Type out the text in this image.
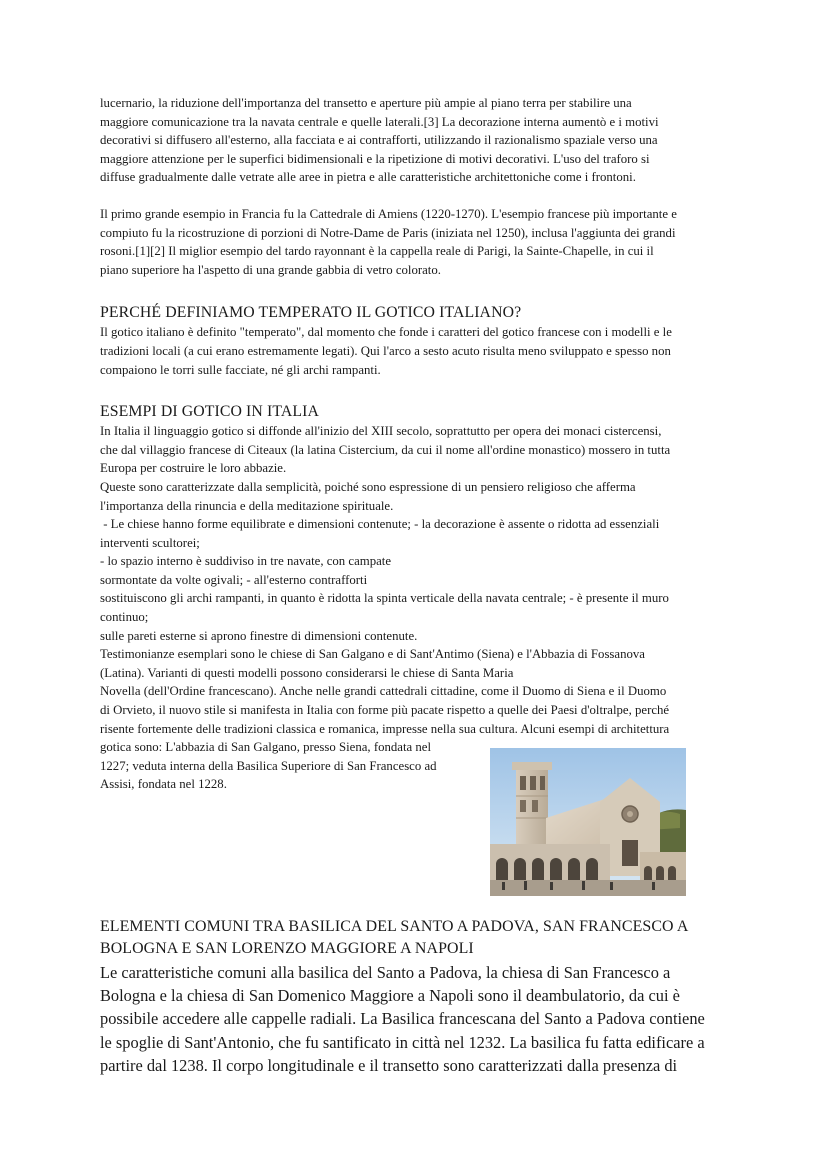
lucernario, la riduzione dell'importanza del transetto e aperture più ampie al piano terra per stabilire una

maggiore comunicazione tra la navata centrale e quelle laterali.[3] La decorazione interna aumentò e i motivi

decorativi si diffusero all'esterno, alla facciata e ai contrafforti, utilizzando il razionalismo spaziale verso una

maggiore attenzione per le superfici bidimensionali e la ripetizione di motivi decorativi. L'uso del traforo si

diffuse gradualmente dalle vetrate alle aree in pietra e alle caratteristiche architettoniche come i frontoni.

Il primo grande esempio in Francia fu la Cattedrale di Amiens (1220-1270). L'esempio francese più importante e

compiuto fu la ricostruzione di porzioni di Notre-Dame de Paris (iniziata nel 1250), inclusa l'aggiunta dei grandi

rosoni.[1][2] Il miglior esempio del tardo rayonnant è la cappella reale di Parigi, la Sainte-Chapelle, in cui il

piano superiore ha l'aspetto di una grande gabbia di vetro colorato.

PERCHÉ DEFINIAMO TEMPERATO IL GOTICO ITALIANO?

Il gotico italiano è definito "temperato", dal momento che fonde i caratteri del gotico francese con i modelli e le

tradizioni locali (a cui erano estremamente legati). Qui l'arco a sesto acuto risulta meno sviluppato e spesso non

compaiono le torri sulle facciate, né gli archi rampanti.

ESEMPI DI GOTICO IN ITALIA

In Italia il linguaggio gotico si diffonde all'inizio del XIII secolo, soprattutto per opera dei monaci cistercensi,

che dal villaggio francese di Citeaux (la latina Cistercium, da cui il nome all'ordine monastico) mossero in tutta

Europa per costruire le loro abbazie.

Queste sono caratterizzate dalla semplicità, poiché sono espressione di un pensiero religioso che afferma

l'importanza della rinuncia e della meditazione spirituale.

- Le chiese hanno forme equilibrate e dimensioni contenute; - la decorazione è assente o ridotta ad essenziali

interventi scultorei;

- lo spazio interno è suddiviso in tre navate, con campate

sormontate da volte ogivali; - all'esterno contrafforti

sostituiscono gli archi rampanti, in quanto è ridotta la spinta verticale della navata centrale; - è presente il muro

continuo;

sulle pareti esterne si aprono finestre di dimensioni contenute.

Testimonianze esemplari sono le chiese di San Galgano e di Sant'Antimo (Siena) e l'Abbazia di Fossanova

(Latina). Varianti di questi modelli possono considerarsi le chiese di Santa Maria

Novella (dell'Ordine francescano). Anche nelle grandi cattedrali cittadine, come il Duomo di Siena e il Duomo

di Orvieto, il nuovo stile si manifesta in Italia con forme più pacate rispetto a quelle dei Paesi d'oltralpe, perché

risente fortemente delle tradizioni classica e romanica, impresse nella sua cultura. Alcuni esempi di architettura

gotica sono: L'abbazia di San Galgano, presso Siena, fondata nel

1227; veduta interna della Basilica Superiore di San Francesco ad

Assisi, fondata nel 1228.

ELEMENTI COMUNI TRA BASILICA DEL SANTO A PADOVA, SAN FRANCESCO A
BOLOGNA E SAN LORENZO MAGGIORE A NAPOLI

Le caratteristiche comuni alla basilica del Santo a Padova, la chiesa di San Francesco a

Bologna e la chiesa di San Domenico Maggiore a Napoli sono il deambulatorio, da cui è

possibile accedere alle cappelle radiali. La Basilica francescana del Santo a Padova contiene

le spoglie di Sant'Antonio, che fu santificato in città nel 1232. La basilica fu fatta edificare a

partire dal 1238. Il corpo longitudinale e il transetto sono caratterizzati dalla presenza di
